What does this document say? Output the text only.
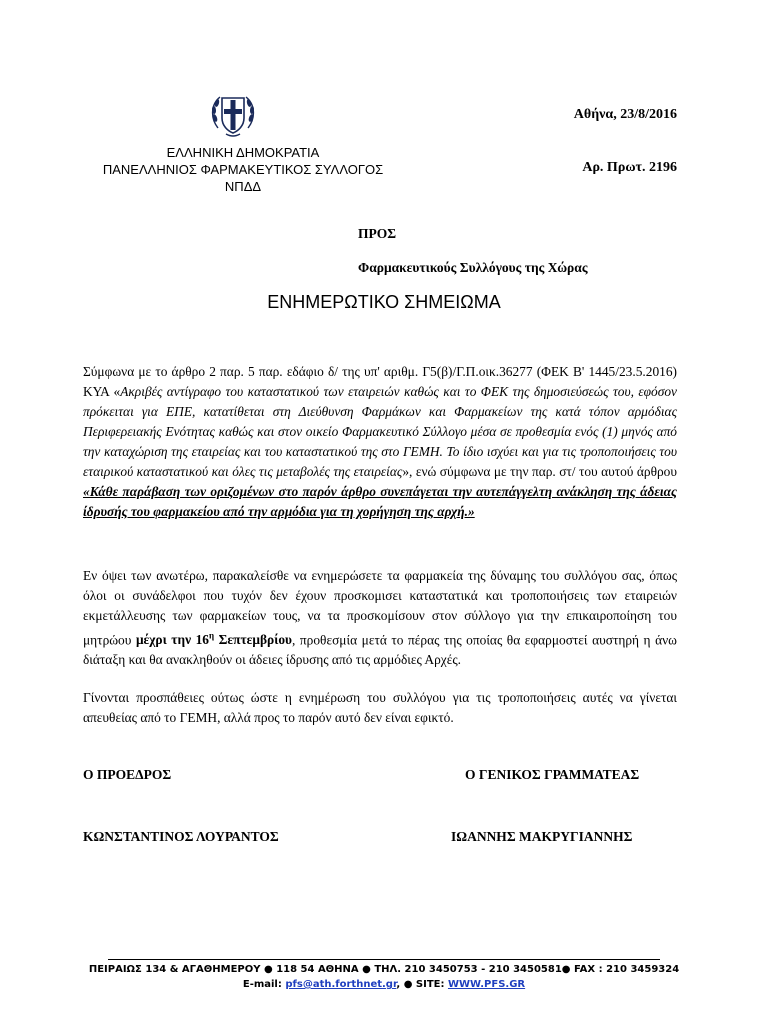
ΕΛΛΗΝΙΚΗ ΔΗΜΟΚΡΑΤΙΑ
ΠΑΝΕΛΛΗΝΙΟΣ ΦΑΡΜΑΚΕΥΤΙΚΟΣ ΣΥΛΛΟΓΟΣ
ΝΠΔΔ
Αθήνα, 23/8/2016
Αρ. Πρωτ. 2196
ΠΡΟΣ
Φαρμακευτικούς Συλλόγους της Χώρας
ΕΝΗΜΕΡΩΤΙΚΟ ΣΗΜΕΙΩΜΑ
Σύμφωνα με το άρθρο 2 παρ. 5 παρ. εδάφιο δ/ της υπ' αριθμ. Γ5(β)/Γ.Π.οικ.36277 (ΦΕΚ Β' 1445/23.5.2016) ΚΥΑ «Ακριβές αντίγραφο του καταστατικού των εταιρειών καθώς και το ΦΕΚ της δημοσιεύσεώς του, εφόσον πρόκειται για ΕΠΕ, κατατίθεται στη Διεύθυνση Φαρμάκων και Φαρμακείων της κατά τόπον αρμόδιας Περιφερειακής Ενότητας καθώς και στον οικείο Φαρμακευτικό Σύλλογο μέσα σε προθεσμία ενός (1) μηνός από την καταχώριση της εταιρείας και του καταστατικού της στο ΓΕΜΗ. Το ίδιο ισχύει και για τις τροποποιήσεις του εταιρικού καταστατικού και όλες τις μεταβολές της εταιρείας», ενώ σύμφωνα με την παρ. στ/ του αυτού άρθρου «Κάθε παράβαση των οριζομένων στο παρόν άρθρο συνεπάγεται την αυτεπάγγελτη ανάκληση της άδειας ίδρυσής του φαρμακείου από την αρμόδια για τη χορήγηση της αρχή.»
Εν όψει των ανωτέρω, παρακαλείσθε να ενημερώσετε τα φαρμακεία της δύναμης του συλλόγου σας, όπως όλοι οι συνάδελφοι που τυχόν δεν έχουν προσκομισει καταστατικά και τροποποιήσεις των εταιρειών εκμετάλλευσης των φαρμακείων τους, να τα προσκομίσουν στον σύλλογο για την επικαιροποίηση του μητρώου μέχρι την $16^\eta$ Σεπτεμβρίου, προθεσμία μετά το πέρας της οποίας θα εφαρμοστεί αυστηρή η άνω διάταξη και θα ανακληθούν οι άδειες ίδρυσης από τις αρμόδιες Αρχές.
Γίνονται προσπάθειες ούτως ώστε η ενημέρωση του συλλόγου για τις τροποποιήσεις αυτές να γίνεται απευθείας από το ΓΕΜΗ, αλλά προς το παρόν αυτό δεν είναι εφικτό.
Ο ΠΡΟΕΔΡΟΣ	Ο ΓΕΝΙΚΟΣ ΓΡΑΜΜΑΤΕΑΣ
ΚΩΝΣΤΑΝΤΙΝΟΣ ΛΟΥΡΑΝΤΟΣ	ΙΩΑΝΝΗΣ ΜΑΚΡΥΓΙΑΝΝΗΣ
ΠΕΙΡΑΙΩΣ 134 & ΑΓΑΘΗΜΕΡΟΥ ● 118 54 ΑΘΗΝΑ ● ΤΗΛ. 210 3450753 - 210 3450581● FAX : 210 3459324
E-mail: pfs@ath.forthnet.gr, ● SITE: WWW.PFS.GR
